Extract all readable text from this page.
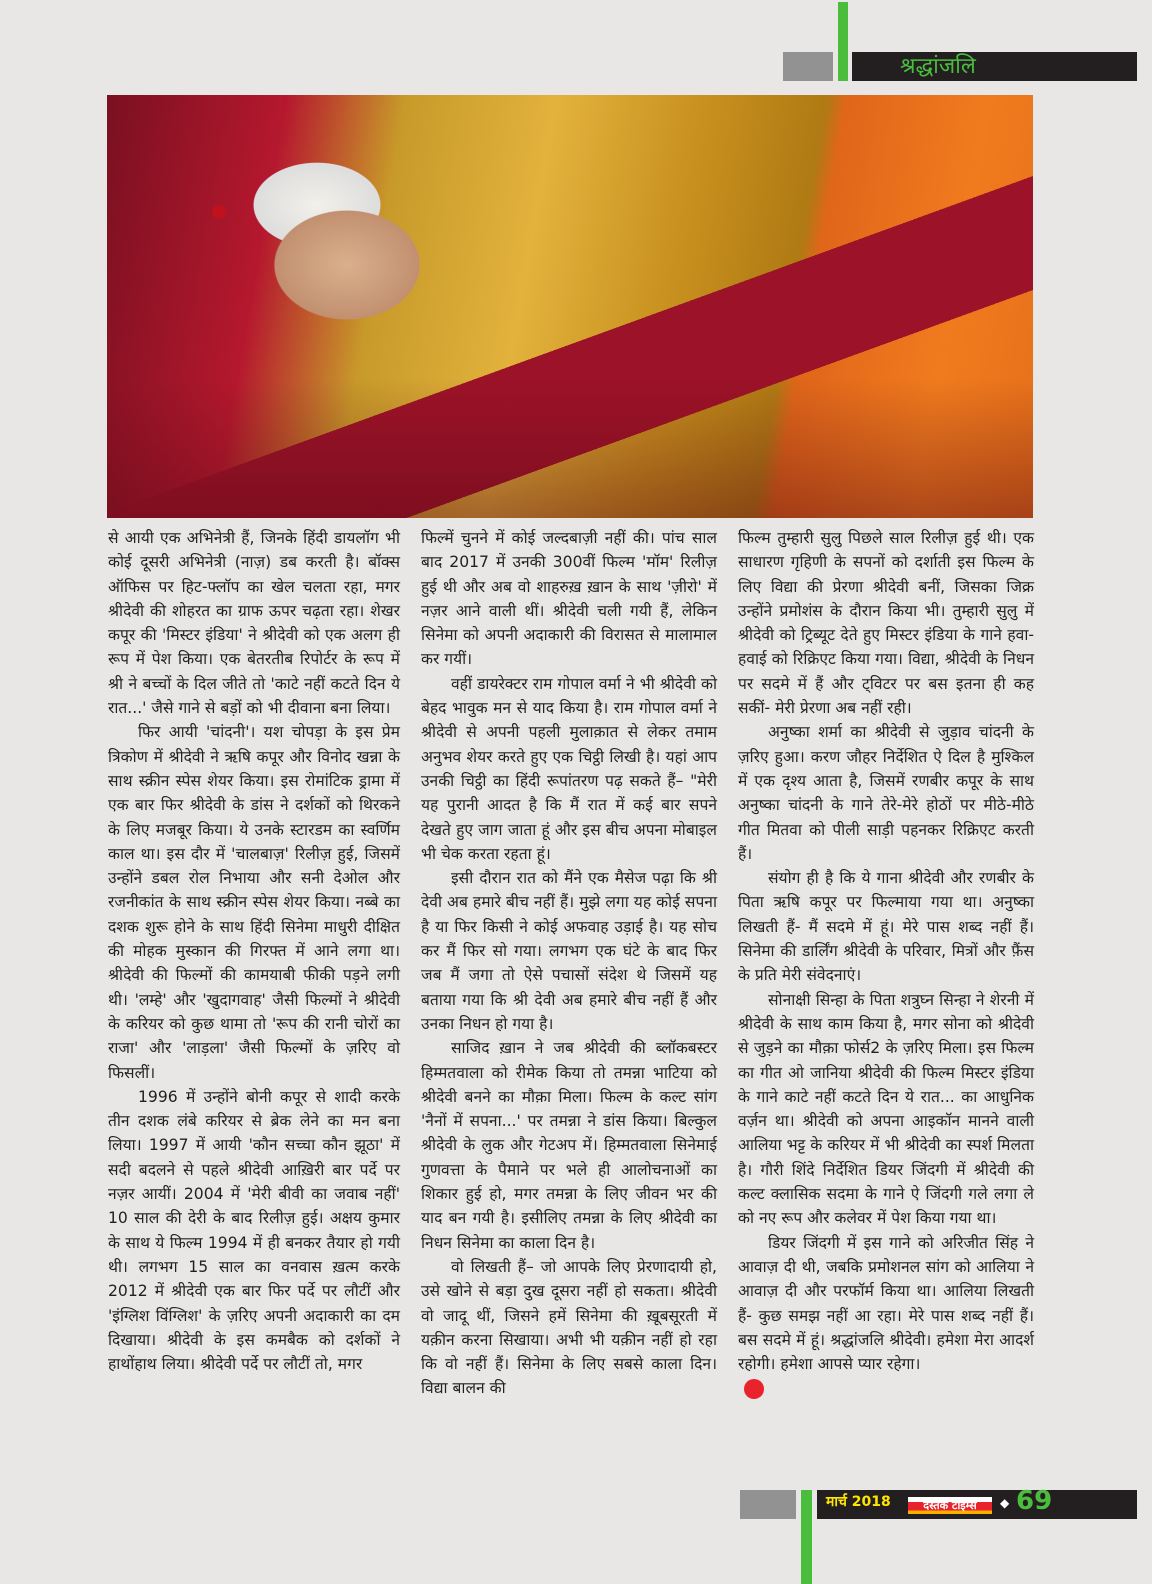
श्रद्धांजलि

से आयी एक अभिनेत्री हैं, जिनके हिंदी डायलॉग भी कोई दूसरी अभिनेत्री (नाज़) डब करती है। बॉक्स ऑफिस पर हिट-फ्लॉप का खेल चलता रहा, मगर श्रीदेवी की शोहरत का ग्राफ ऊपर चढ़ता रहा। शेखर कपूर की 'मिस्टर इंडिया' ने श्रीदेवी को एक अलग ही रूप में पेश किया। एक बेतरतीब रिपोर्टर के रूप में श्री ने बच्चों के दिल जीते तो 'काटे नहीं कटते दिन ये रात...' जैसे गाने से बड़ों को भी दीवाना बना लिया।

फिर आयी 'चांदनी'। यश चोपड़ा के इस प्रेम त्रिकोण में श्रीदेवी ने ऋषि कपूर और विनोद खन्ना के साथ स्क्रीन स्पेस शेयर किया। इस रोमांटिक ड्रामा में एक बार फिर श्रीदेवी के डांस ने दर्शकों को थिरकने के लिए मजबूर किया। ये उनके स्टारडम का स्वर्णिम काल था। इस दौर में 'चालबाज़' रिलीज़ हुई, जिसमें उन्होंने डबल रोल निभाया और सनी देओल और रजनीकांत के साथ स्क्रीन स्पेस शेयर किया। नब्बे का दशक शुरू होने के साथ हिंदी सिनेमा माधुरी दीक्षित की मोहक मुस्कान की गिरफ्त में आने लगा था। श्रीदेवी की फिल्मों की कामयाबी फीकी पड़ने लगी थी। 'लम्हे' और 'खुदागवाह' जैसी फिल्मों ने श्रीदेवी के करियर को कुछ थामा तो 'रूप की रानी चोरों का राजा' और 'लाड़ला' जैसी फिल्मों के ज़रिए वो फिसलीं।

1996 में उन्होंने बोनी कपूर से शादी करके तीन दशक लंबे करियर से ब्रेक लेने का मन बना लिया। 1997 में आयी 'कौन सच्चा कौन झूठा' में सदी बदलने से पहले श्रीदेवी आख़िरी बार पर्दे पर नज़र आयीं। 2004 में 'मेरी बीवी का जवाब नहीं' 10 साल की देरी के बाद रिलीज़ हुई। अक्षय कुमार के साथ ये फिल्म 1994 में ही बनकर तैयार हो गयी थी। लगभग 15 साल का वनवास ख़त्म करके 2012 में श्रीदेवी एक बार फिर पर्दे पर लौटीं और 'इंग्लिश विंग्लिश' के ज़रिए अपनी अदाकारी का दम दिखाया। श्रीदेवी के इस कमबैक को दर्शकों ने हाथोंहाथ लिया। श्रीदेवी पर्दे पर लौटीं तो, मगर

फिल्में चुनने में कोई जल्दबाज़ी नहीं की। पांच साल बाद 2017 में उनकी 300वीं फिल्म 'मॉम' रिलीज़ हुई थी और अब वो शाहरुख़ ख़ान के साथ 'ज़ीरो' में नज़र आने वाली थीं। श्रीदेवी चली गयी हैं, लेकिन सिनेमा को अपनी अदाकारी की विरासत से मालामाल कर गयीं।

वहीं डायरेक्टर राम गोपाल वर्मा ने भी श्रीदेवी को बेहद भावुक मन से याद किया है। राम गोपाल वर्मा ने श्रीदेवी से अपनी पहली मुलाक़ात से लेकर तमाम अनुभव शेयर करते हुए एक चिट्ठी लिखी है। यहां आप उनकी चिट्ठी का हिंदी रूपांतरण पढ़ सकते हैं– "मेरी यह पुरानी आदत है कि मैं रात में कई बार सपने देखते हुए जाग जाता हूं और इस बीच अपना मोबाइल भी चेक करता रहता हूं।

इसी दौरान रात को मैंने एक मैसेज पढ़ा कि श्री देवी अब हमारे बीच नहीं हैं। मुझे लगा यह कोई सपना है या फिर किसी ने कोई अफवाह उड़ाई है। यह सोच कर मैं फिर सो गया। लगभग एक घंटे के बाद फिर जब मैं जगा तो ऐसे पचासों संदेश थे जिसमें यह बताया गया कि श्री देवी अब हमारे बीच नहीं हैं और उनका निधन हो गया है।

साजिद ख़ान ने जब श्रीदेवी की ब्लॉकबस्टर हिम्मतवाला को रीमेक किया तो तमन्ना भाटिया को श्रीदेवी बनने का मौक़ा मिला। फिल्म के कल्ट सांग 'नैनों में सपना...' पर तमन्ना ने डांस किया। बिल्कुल श्रीदेवी के लुक और गेटअप में। हिम्मतवाला सिनेमाई गुणवत्ता के पैमाने पर भले ही आलोचनाओं का शिकार हुई हो, मगर तमन्ना के लिए जीवन भर की याद बन गयी है। इसीलिए तमन्ना के लिए श्रीदेवी का निधन सिनेमा का काला दिन है।

वो लिखती हैं– जो आपके लिए प्रेरणादायी हो, उसे खोने से बड़ा दुख दूसरा नहीं हो सकता। श्रीदेवी वो जादू थीं, जिसने हमें सिनेमा की ख़ूबसूरती में यक़ीन करना सिखाया। अभी भी यक़ीन नहीं हो रहा कि वो नहीं हैं। सिनेमा के लिए सबसे काला दिन। विद्या बालन की

फिल्म तुम्हारी सुलु पिछले साल रिलीज़ हुई थी। एक साधारण गृहिणी के सपनों को दर्शाती इस फिल्म के लिए विद्या की प्रेरणा श्रीदेवी बनीं, जिसका जिक्र उन्होंने प्रमोशंस के दौरान किया भी। तुम्हारी सुलु में श्रीदेवी को ट्रिब्यूट देते हुए मिस्टर इंडिया के गाने हवा-हवाई को रिक्रिएट किया गया। विद्या, श्रीदेवी के निधन पर सदमे में हैं और ट्विटर पर बस इतना ही कह सकीं- मेरी प्रेरणा अब नहीं रही।

अनुष्का शर्मा का श्रीदेवी से जुड़ाव चांदनी के ज़रिए हुआ। करण जौहर निर्देशित ऐ दिल है मुश्किल में एक दृश्य आता है, जिसमें रणबीर कपूर के साथ अनुष्का चांदनी के गाने तेरे-मेरे होठों पर मीठे-मीठे गीत मितवा को पीली साड़ी पहनकर रिक्रिएट करती हैं।

संयोग ही है कि ये गाना श्रीदेवी और रणबीर के पिता ऋषि कपूर पर फिल्माया गया था। अनुष्का लिखती हैं- मैं सदमे में हूं। मेरे पास शब्द नहीं हैं। सिनेमा की डार्लिंग श्रीदेवी के परिवार, मित्रों और फ़ैंस के प्रति मेरी संवेदनाएं।

सोनाक्षी सिन्हा के पिता शत्रुघ्न सिन्हा ने शेरनी में श्रीदेवी के साथ काम किया है, मगर सोना को श्रीदेवी से जुड़ने का मौक़ा फोर्स2 के ज़रिए मिला। इस फिल्म का गीत ओ जानिया श्रीदेवी की फिल्म मिस्टर इंडिया के गाने काटे नहीं कटते दिन ये रात... का आधुनिक वर्ज़न था। श्रीदेवी को अपना आइकॉन मानने वाली आलिया भट्ट के करियर में भी श्रीदेवी का स्पर्श मिलता है। गौरी शिंदे निर्देशित डियर जिंदगी में श्रीदेवी की कल्ट क्लासिक सदमा के गाने ऐ जिंदगी गले लगा ले को नए रूप और कलेवर में पेश किया गया था।

डियर जिंदगी में इस गाने को अरिजीत सिंह ने आवाज़ दी थी, जबकि प्रमोशनल सांग को आलिया ने आवाज़ दी और परफॉर्म किया था। आलिया लिखती हैं- कुछ समझ नहीं आ रहा। मेरे पास शब्द नहीं हैं। बस सदमे में हूं। श्रद्धांजलि श्रीदेवी। हमेशा मेरा आदर्श रहोगी। हमेशा आपसे प्यार रहेगा।

मार्च 2018	दस्तक टाइम्स	◆ 69
